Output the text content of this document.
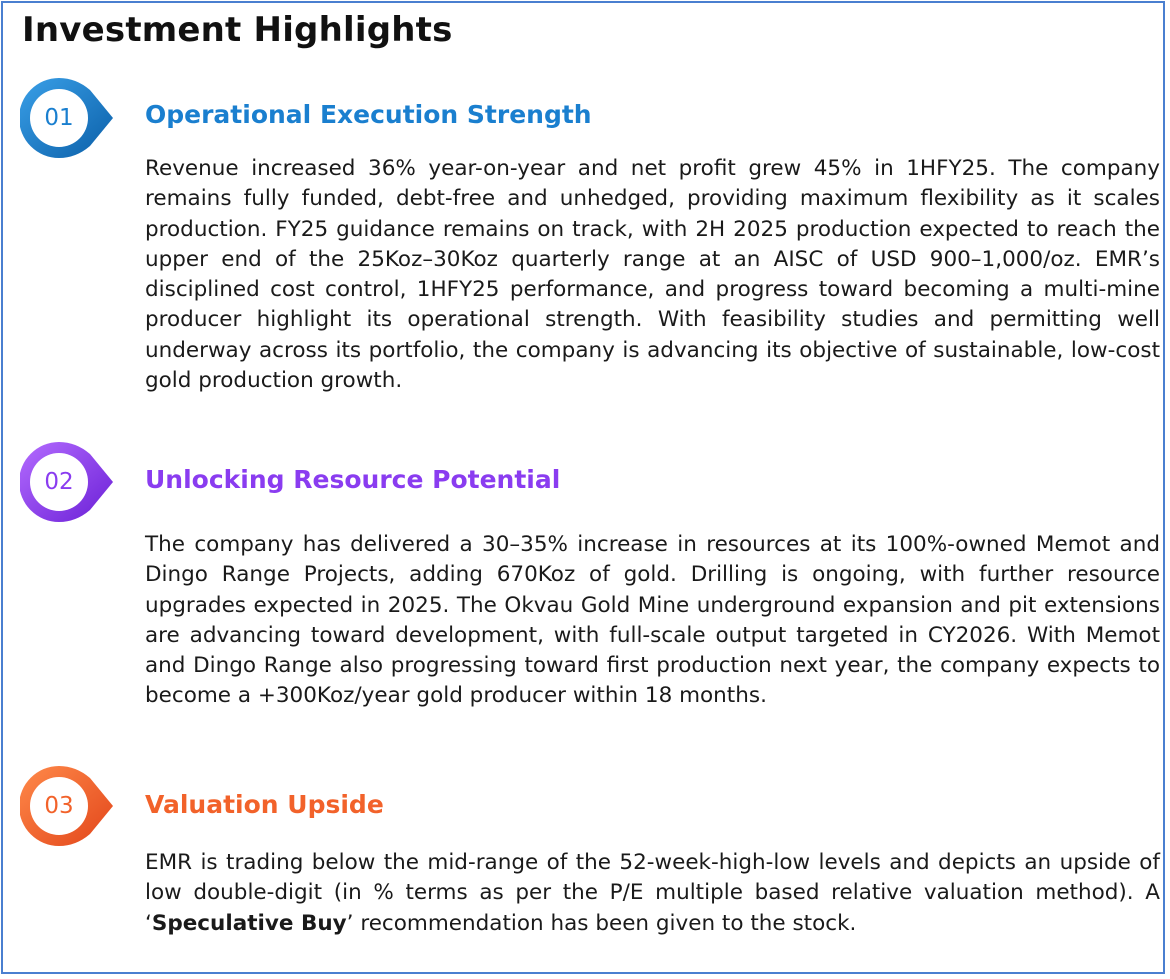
Investment Highlights
01	Operational Execution Strength

Revenue increased 36% year-on-year and net profit grew 45% in 1HFY25. The company remains fully funded, debt-free and unhedged, providing maximum flexibility as it scales production. FY25 guidance remains on track, with 2H 2025 production expected to reach the upper end of the 25Koz–30Koz quarterly range at an AISC of USD 900–1,000/oz. EMR’s disciplined cost control, 1HFY25 performance, and progress toward becoming a multi-mine producer highlight its operational strength. With feasibility studies and permitting well underway across its portfolio, the company is advancing its objective of sustainable, low-cost gold production growth.

02	Unlocking Resource Potential

The company has delivered a 30–35% increase in resources at its 100%-owned Memot and Dingo Range Projects, adding 670Koz of gold. Drilling is ongoing, with further resource upgrades expected in 2025. The Okvau Gold Mine underground expansion and pit extensions are advancing toward development, with full-scale output targeted in CY2026. With Memot and Dingo Range also progressing toward first production next year, the company expects to become a +300Koz/year gold producer within 18 months.

03	Valuation Upside

EMR is trading below the mid-range of the 52-week-high-low levels and depicts an upside of low double-digit (in % terms as per the P/E multiple based relative valuation method). A ‘Speculative Buy’ recommendation has been given to the stock.
